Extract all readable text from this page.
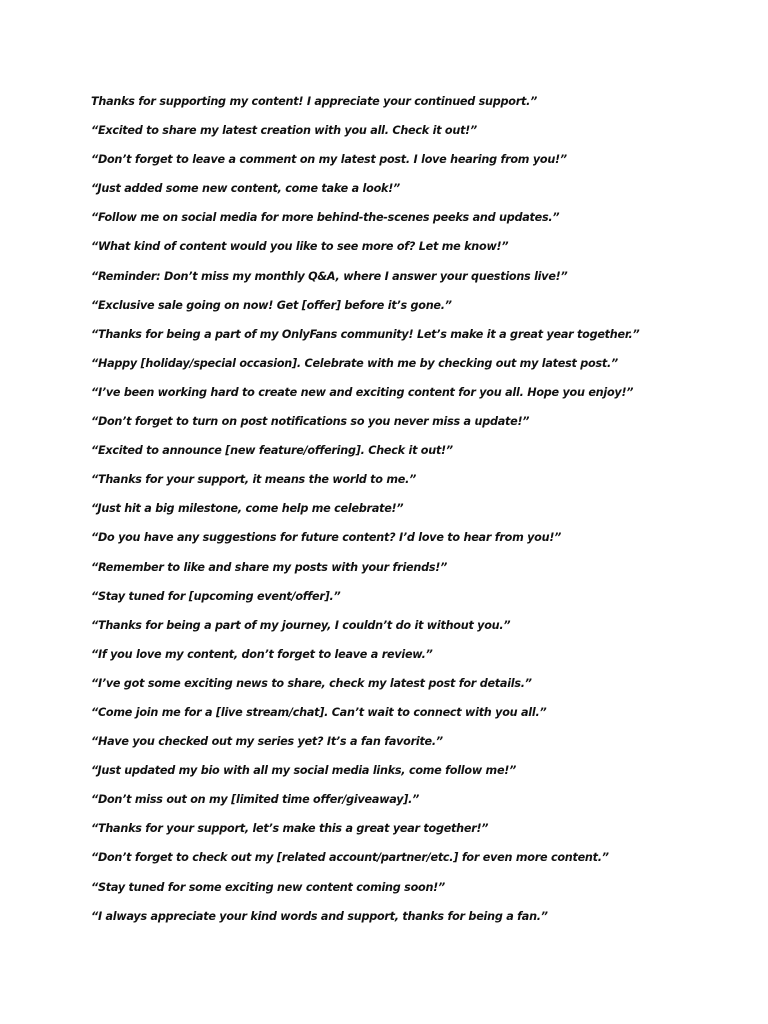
Thanks for supporting my content! I appreciate your continued support.”
“Excited to share my latest creation with you all. Check it out!”
“Don’t forget to leave a comment on my latest post. I love hearing from you!”
“Just added some new content, come take a look!”
“Follow me on social media for more behind-the-scenes peeks and updates.”
“What kind of content would you like to see more of? Let me know!”
“Reminder: Don’t miss my monthly Q&A, where I answer your questions live!”
“Exclusive sale going on now! Get [offer] before it’s gone.”
“Thanks for being a part of my OnlyFans community! Let’s make it a great year together.”
“Happy [holiday/special occasion]. Celebrate with me by checking out my latest post.”
“I’ve been working hard to create new and exciting content for you all. Hope you enjoy!”
“Don’t forget to turn on post notifications so you never miss a update!”
“Excited to announce [new feature/offering]. Check it out!”
“Thanks for your support, it means the world to me.”
“Just hit a big milestone, come help me celebrate!”
“Do you have any suggestions for future content? I’d love to hear from you!”
“Remember to like and share my posts with your friends!”
“Stay tuned for [upcoming event/offer].”
“Thanks for being a part of my journey, I couldn’t do it without you.”
“If you love my content, don’t forget to leave a review.”
“I’ve got some exciting news to share, check my latest post for details.”
“Come join me for a [live stream/chat]. Can’t wait to connect with you all.”
“Have you checked out my series yet? It’s a fan favorite.”
“Just updated my bio with all my social media links, come follow me!”
“Don’t miss out on my [limited time offer/giveaway].”
“Thanks for your support, let’s make this a great year together!”
“Don’t forget to check out my [related account/partner/etc.] for even more content.”
“Stay tuned for some exciting new content coming soon!”
“I always appreciate your kind words and support, thanks for being a fan.”
